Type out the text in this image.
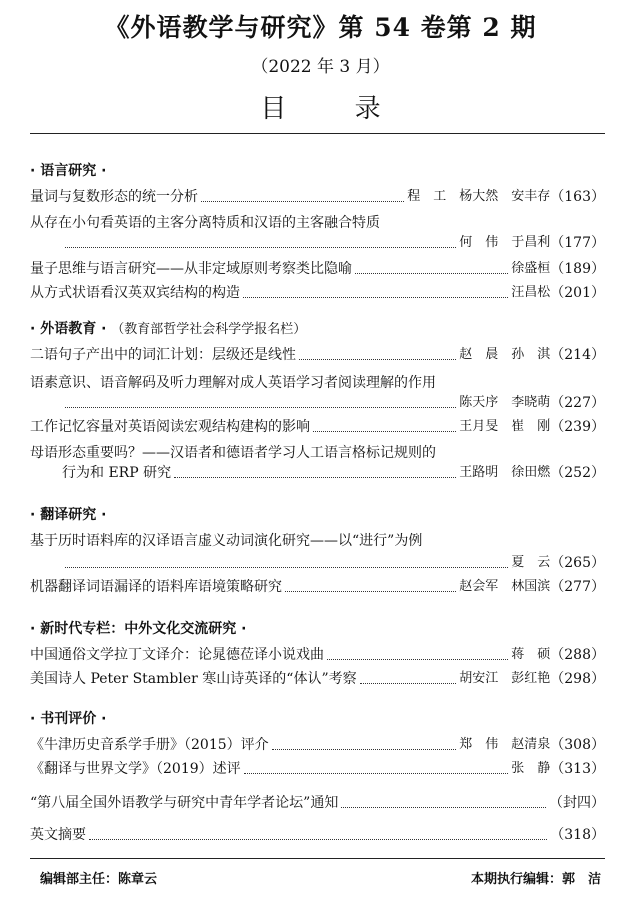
《外语教学与研究》第 54 卷第 2 期
（2022 年 3 月）
目 录
· 语言研究 ·
量词与复数形态的统一分析	程　工　杨大然　安丰存 （163）
从存在小句看英语的主客分离特质和汉语的主客融合特质
何　伟　于昌利 （177）
量子思维与语言研究——从非定域原则考察类比隐喻	徐盛桓 （189）
从方式状语看汉英双宾结构的构造	汪昌松 （201）
· 外语教育 · （教育部哲学社会科学学报名栏）
二语句子产出中的词汇计划：层级还是线性	赵　晨　孙　淇 （214）
语素意识、语音解码及听力理解对成人英语学习者阅读理解的作用
陈天序　李晓萌 （227）
工作记忆容量对英语阅读宏观结构建构的影响	王月旻　崔　刚 （239）
母语形态重要吗？——汉语者和德语者学习人工语言格标记规则的
行为和 ERP 研究	王路明　徐田燃 （252）
· 翻译研究 ·
基于历时语料库的汉译语言虚义动词演化研究——以“进行”为例
夏　云 （265）
机器翻译词语漏译的语料库语境策略研究	赵会军　林国滨 （277）
· 新时代专栏：中外文化交流研究 ·
中国通俗文学拉丁文译介：论晁德莅译小说戏曲	蒋　硕 （288）
美国诗人 Peter Stambler 寒山诗英译的“体认”考察	胡安江　彭红艳 （298）
· 书刊评价 ·
《牛津历史音系学手册》（2015）评介	郑　伟　赵清泉 （308）
《翻译与世界文学》（2019）述评	张　静 （313）
“第八届全国外语教学与研究中青年学者论坛”通知	（封四）
英文摘要	（318）
编辑部主任：陈章云	本期执行编辑：郭　洁
